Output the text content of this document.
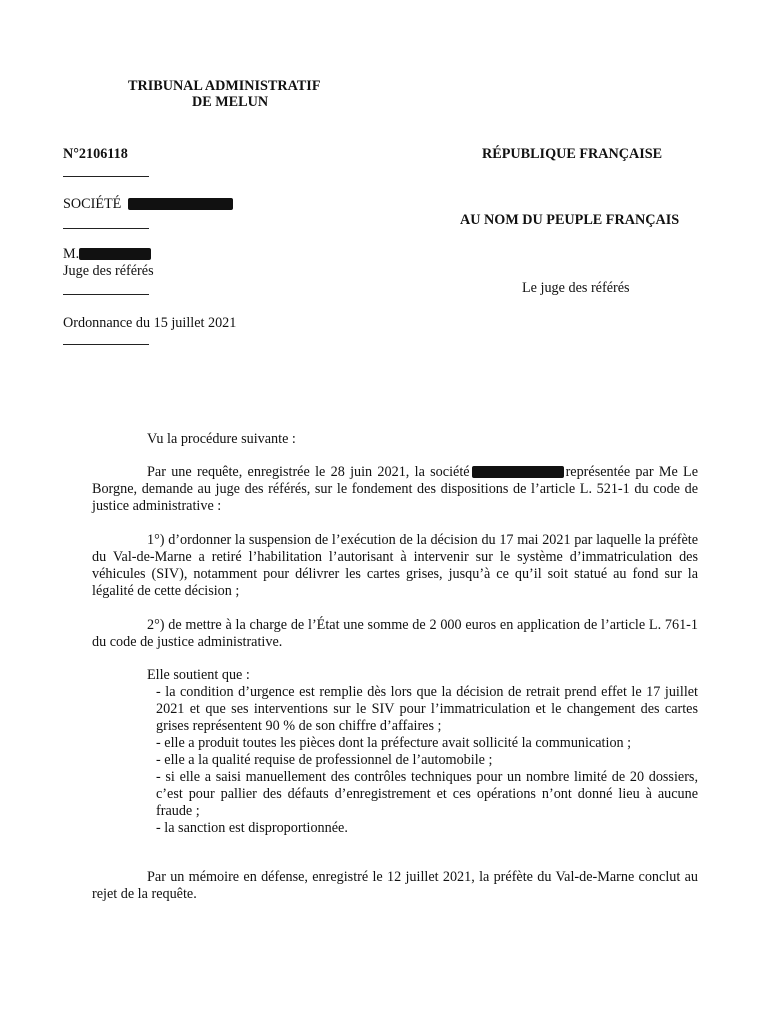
TRIBUNAL ADMINISTRATIF
DE MELUN
N°2106118	RÉPUBLIQUE FRANÇAISE
SOCIÉTÉ
AU NOM DU PEUPLE FRANÇAIS
M.
Juge des référés
Le juge des référés
Ordonnance du 15 juillet 2021
Vu la procédure suivante :
Par une requête, enregistrée le 28 juin 2021, la société	représentée par Me Le Borgne, demande au juge des référés, sur le fondement des dispositions de l’article L. 521-1 du code de justice administrative :
1°) d’ordonner la suspension de l’exécution de la décision du 17 mai 2021 par laquelle la préfète du Val-de-Marne a retiré l’habilitation l’autorisant à intervenir sur le système d’immatriculation des véhicules (SIV), notamment pour délivrer les cartes grises, jusqu’à ce qu’il soit statué au fond sur la légalité de cette décision ;
2°) de mettre à la charge de l’État une somme de 2 000 euros en application de l’article L. 761-1 du code de justice administrative.
Elle soutient que :
- la condition d’urgence est remplie dès lors que la décision de retrait prend effet le 17 juillet 2021 et que ses interventions sur le SIV pour l’immatriculation et le changement des cartes grises représentent 90 % de son chiffre d’affaires ;
- elle a produit toutes les pièces dont la préfecture avait sollicité la communication ;
- elle a la qualité requise de professionnel de l’automobile ;
- si elle a saisi manuellement des contrôles techniques pour un nombre limité de 20 dossiers, c’est pour pallier des défauts d’enregistrement et ces opérations n’ont donné lieu à aucune fraude ;
- la sanction est disproportionnée.
Par un mémoire en défense, enregistré le 12 juillet 2021, la préfète du Val-de-Marne conclut au rejet de la requête.
